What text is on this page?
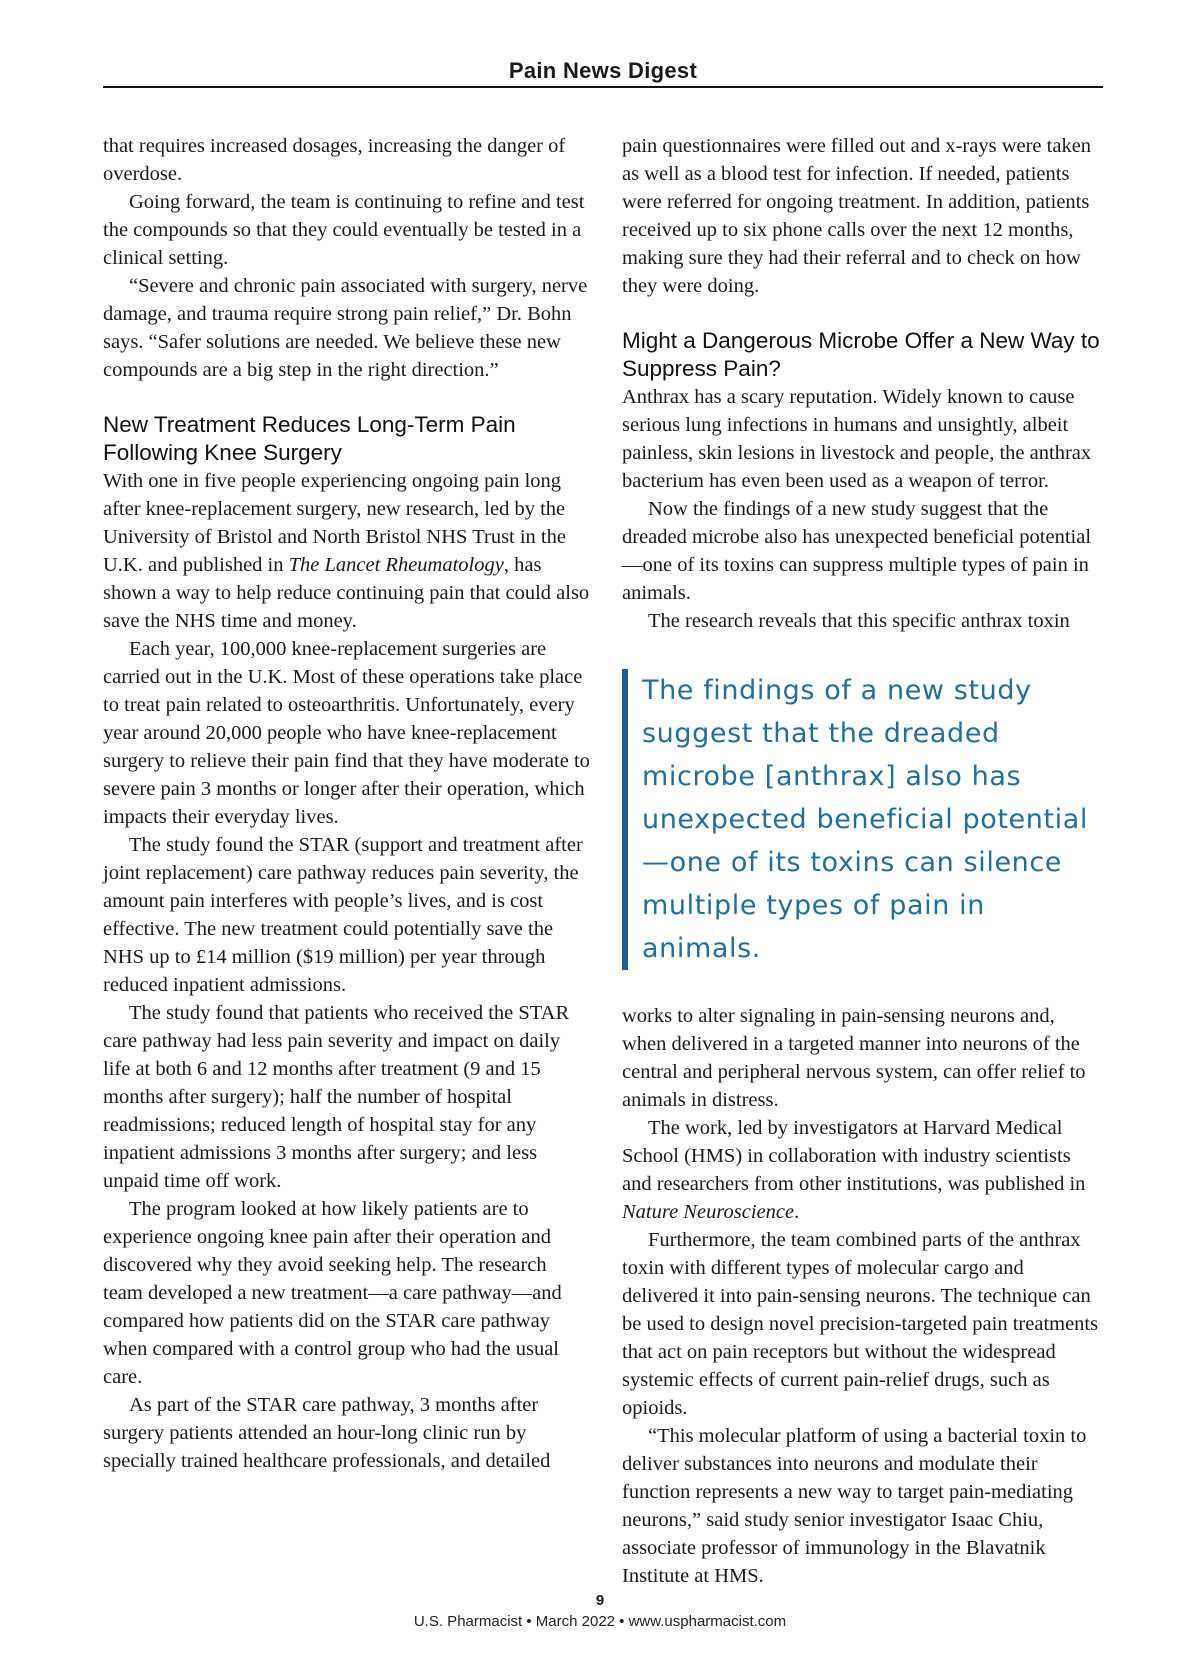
Pain News Digest

that requires increased dosages, increasing the danger of overdose.

Going forward, the team is continuing to refine and test the compounds so that they could eventually be tested in a clinical setting.

“Severe and chronic pain associated with surgery, nerve damage, and trauma require strong pain relief,” Dr. Bohn says. “Safer solutions are needed. We believe these new compounds are a big step in the right direction.”

New Treatment Reduces Long-Term Pain Following Knee Surgery

With one in five people experiencing ongoing pain long after knee-replacement surgery, new research, led by the University of Bristol and North Bristol NHS Trust in the U.K. and published in The Lancet Rheumatology, has shown a way to help reduce continuing pain that could also save the NHS time and money.

Each year, 100,000 knee-replacement surgeries are carried out in the U.K. Most of these operations take place to treat pain related to osteoarthritis. Unfortunately, every year around 20,000 people who have knee-replacement surgery to relieve their pain find that they have moderate to severe pain 3 months or longer after their operation, which impacts their everyday lives.

The study found the STAR (support and treatment after joint replacement) care pathway reduces pain severity, the amount pain interferes with people’s lives, and is cost effective. The new treatment could potentially save the NHS up to £14 million ($19 million) per year through reduced inpatient admissions.

The study found that patients who received the STAR care pathway had less pain severity and impact on daily life at both 6 and 12 months after treatment (9 and 15 months after surgery); half the number of hospital readmissions; reduced length of hospital stay for any inpatient admissions 3 months after surgery; and less unpaid time off work.

The program looked at how likely patients are to experience ongoing knee pain after their operation and discovered why they avoid seeking help. The research team developed a new treatment—a care pathway—and compared how patients did on the STAR care pathway when compared with a control group who had the usual care.

As part of the STAR care pathway, 3 months after surgery patients attended an hour-long clinic run by specially trained healthcare professionals, and detailed

pain questionnaires were filled out and x-rays were taken as well as a blood test for infection. If needed, patients were referred for ongoing treatment. In addition, patients received up to six phone calls over the next 12 months, making sure they had their referral and to check on how they were doing.

Might a Dangerous Microbe Offer a New Way to Suppress Pain?

Anthrax has a scary reputation. Widely known to cause serious lung infections in humans and unsightly, albeit painless, skin lesions in livestock and people, the anthrax bacterium has even been used as a weapon of terror.

Now the findings of a new study suggest that the dreaded microbe also has unexpected beneficial potential—one of its toxins can suppress multiple types of pain in animals.

The research reveals that this specific anthrax toxin

The findings of a new study suggest that the dreaded microbe [anthrax] also has unexpected beneficial potential—one of its toxins can silence multiple types of pain in animals.

works to alter signaling in pain-sensing neurons and, when delivered in a targeted manner into neurons of the central and peripheral nervous system, can offer relief to animals in distress.

The work, led by investigators at Harvard Medical School (HMS) in collaboration with industry scientists and researchers from other institutions, was published in Nature Neuroscience.

Furthermore, the team combined parts of the anthrax toxin with different types of molecular cargo and delivered it into pain-sensing neurons. The technique can be used to design novel precision-targeted pain treatments that act on pain receptors but without the widespread systemic effects of current pain-relief drugs, such as opioids.

“This molecular platform of using a bacterial toxin to deliver substances into neurons and modulate their function represents a new way to target pain-mediating neurons,” said study senior investigator Isaac Chiu, associate professor of immunology in the Blavatnik Institute at HMS.

9
U.S. Pharmacist • March 2022 • www.uspharmacist.com
